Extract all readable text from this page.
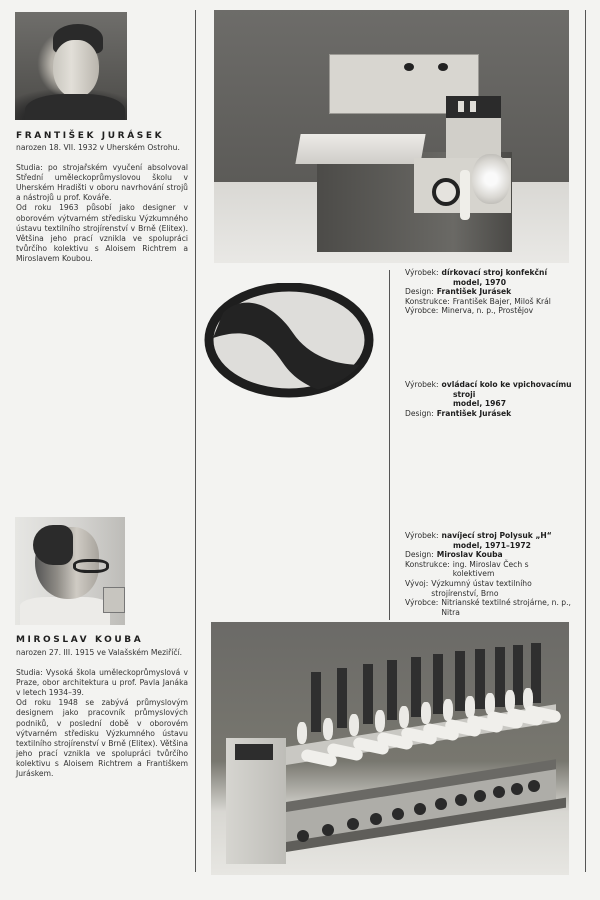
FRANTIŠEK JURÁSEK

narozen 18. VII. 1932 v Uherském Ostrohu.

Studia: po strojařském vyučení absolvoval Střední uměleckoprůmyslovou školu v Uherském Hradišti v oboru navrhování strojů a nástrojů u prof. Kováře.

Od roku 1963 působí jako designer v oborovém výtvarném středisku Výzkumného ústavu textilního strojírenství v Brně (Elitex). Většina jeho prací vznikla ve spolupráci tvůrčího kolektivu s Aloisem Richtrem a Miroslavem Koubou.

MIROSLAV KOUBA

narozen 27. III. 1915 ve Valašském Meziříčí.

Studia: Vysoká škola uměleckoprůmyslová v Praze, obor architektura u prof. Pavla Janáka v letech 1934–39.

Od roku 1948 se zabývá průmyslovým designem jako pracovník průmyslových podniků, v poslední době v oborovém výtvarném středisku Výzkumného ústavu textilního strojírenství v Brně (Elitex). Většina jeho prací vznikla ve spolupráci tvůrčího kolektivu s Aloisem Richtrem a Františkem Juráskem.

Výrobek: dírkovací stroj konfekční
model, 1970
Design: František Jurásek
Konstrukce: František Bajer, Miloš Král
Výrobce: Minerva, n. p., Prostějov
Výrobek: ovládací kolo ke vpichovacímu
stroji
model, 1967
Design: František Jurásek
Výrobek: navíjecí stroj Polysuk „H“
model, 1971–1972
Design: Miroslav Kouba
Konstrukce: ing. Miroslav Čech s kolektivem
Vývoj: Výzkumný ústav textilního strojírenství, Brno
Výrobce: Nitrianské textilné strojárne, n. p., Nitra
